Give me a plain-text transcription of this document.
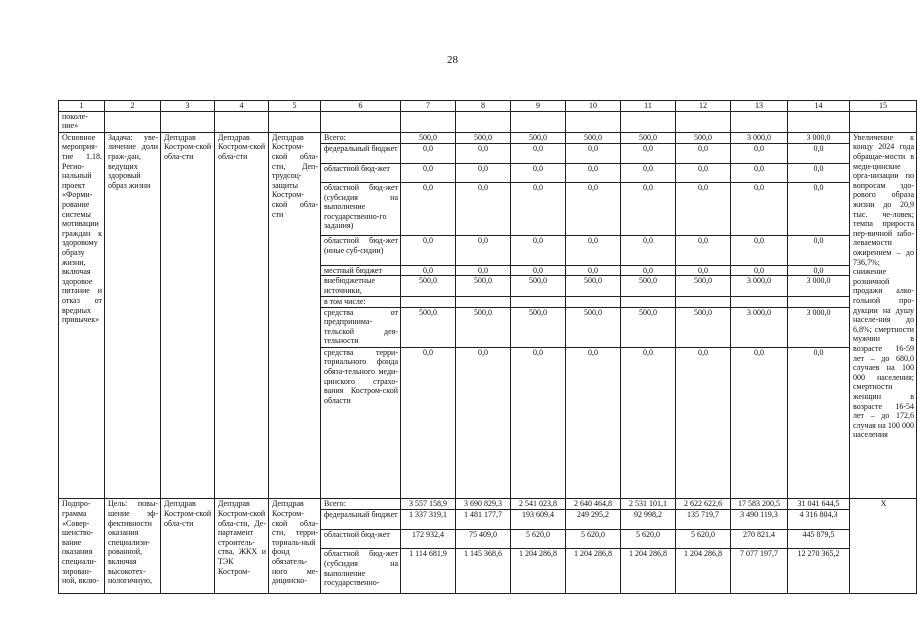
28
1	2	3	4	5	6	7	8	9	10	11	12	13	14	15
поколе-ние»														
Основное мероприя-тие 1.18. Регио-нальный проект «Форми-рование системы мотивации граждан к здоровому образу жизни, включая здоровое питание и отказ от вредных привычек»	Задача: уве-личение доли граж-дан, ведущих здоровый образ жизни	Депздрав Костром-ской обла-сти	Депздрав Костром-ской обла-сти	Депздрав Костром-ской обла-сти, Деп-трудсоц-защиты Костром-ской обла-сти	Всего:	500,0	500,0	500,0	500,0	500,0	500,0	3 000,0	3 000,0	Увеличение к концу 2024 года обращае-мости в меди-цинские орга-низации по вопросам здо-рового образа жизни до 20,9 тыс. че-ловек; темпа прироста пер-вичной забо-леваемости ожирением – до 736,7%; снижение розничной продажи алко-гольной про-дукции на душу населе-ния до 6,8%; смертности мужчин в возрасте 16-59 лет – до 680,0 случаев на 100 000 населения; смертности женщин в возрасте 16-54 лет – до 172,6 случая на 100 000 населения
					федеральный бюджет	0,0	0,0	0,0	0,0	0,0	0,0	0,0	0,0	
					областной бюд-жет	0,0	0,0	0,0	0,0	0,0	0,0	0,0	0,0	
					областной бюд-жет (субсидия на выполнение государственно-го задания)	0,0	0,0	0,0	0,0	0,0	0,0	0,0	0,0	
					областной бюд-жет (иные суб-сидии)	0,0	0,0	0,0	0,0	0,0	0,0	0,0	0,0	
					местный бюджет	0,0	0,0	0,0	0,0	0,0	0,0	0,0	0,0	
					внебюджетные источники,	500,0	500,0	500,0	500,0	500,0	500,0	3 000,0	3 000,0	
					в том числе:									
					средства от предпринима-тельской дея-тельности	500,0	500,0	500,0	500,0	500,0	500,0	3 000,0	3 000,0	
					средства терри-ториального фонда обяза-тельного меди-цинского страхо-вания Костром-ской области	0,0	0,0	0,0	0,0	0,0	0,0	0,0	0,0	
Подпро-грамма «Совер-шенство-вание оказания специали-зирован-ной, вклю-	Цель: повы-шение эф-фективности оказания специализи-рованной, включая высокотех-нологичную,	Депздрав Костром-ской обла-сти	Депздрав Костром-ской обла-сти, Де-партамент строитель-ства, ЖКХ и ТЭК Костром-	Депздрав Костром-ской обла-сти, терри-ториаль-ный фонд обязатель-ного ме-дицинско-	Всего:	3 557 158,9	3 690 829,3	2 541 023,8	2 640 464,8	2 531 101,1	2 622 622,6	17 583 200,5	31 041 644,5	Х
					федеральный бюджет	1 337 319,1	1 481 177,7	193 609,4	249 295,2	92 998,2	135 719,7	3 490 119,3	4 316 804,3	
					областной бюд-жет	172 932,4	75 409,0	5 620,0	5 620,0	5 620,0	5 620,0	270 821,4	445 879,5	
					областной бюд-жет (субсидия на выполнение государственно-	1 114 681,9	1 145 368,6	1 204 286,8	1 204 286,8	1 204 286,8	1 204 286,8	7 077 197,7	12 270 365,2	
